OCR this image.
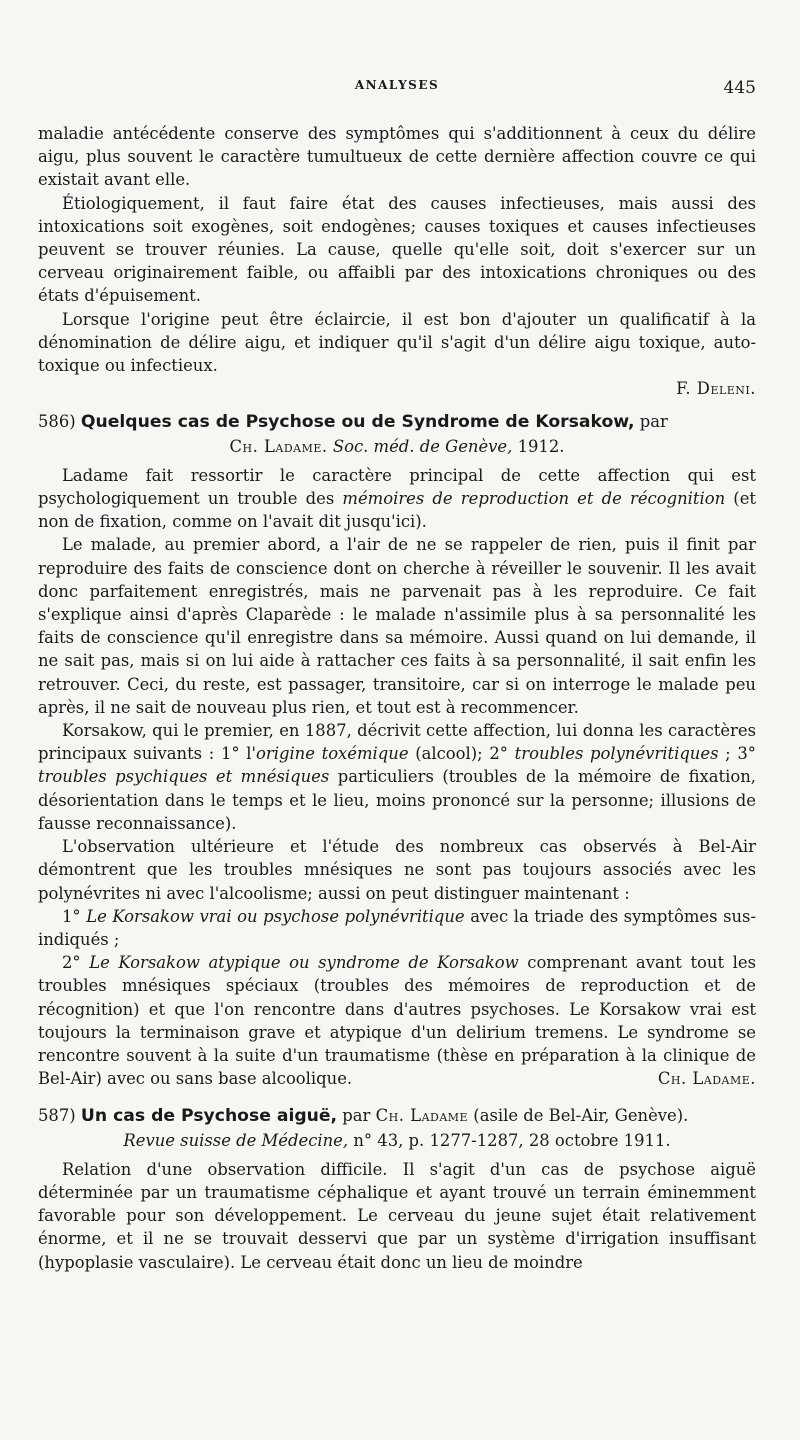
ANALYSES	445

maladie antécédente conserve des symptômes qui s'additionnent à ceux du délire aigu, plus souvent le caractère tumultueux de cette dernière affection couvre ce qui existait avant elle.

Étiologiquement, il faut faire état des causes infectieuses, mais aussi des intoxications soit exogènes, soit endogènes; causes toxiques et causes infectieuses peuvent se trouver réunies. La cause, quelle qu'elle soit, doit s'exercer sur un cerveau originairement faible, ou affaibli par des intoxications chroniques ou des états d'épuisement.

Lorsque l'origine peut être éclaircie, il est bon d'ajouter un qualificatif à la dénomination de délire aigu, et indiquer qu'il s'agit d'un délire aigu toxique, auto-toxique ou infectieux.

F. Deleni.

586) Quelques cas de Psychose ou de Syndrome de Korsakow, par

Ch. Ladame. Soc. méd. de Genève, 1912.

Ladame fait ressortir le caractère principal de cette affection qui est psychologiquement un trouble des mémoires de reproduction et de récognition (et non de fixation, comme on l'avait dit jusqu'ici).

Le malade, au premier abord, a l'air de ne se rappeler de rien, puis il finit par reproduire des faits de conscience dont on cherche à réveiller le souvenir. Il les avait donc parfaitement enregistrés, mais ne parvenait pas à les reproduire. Ce fait s'explique ainsi d'après Claparède : le malade n'assimile plus à sa personnalité les faits de conscience qu'il enregistre dans sa mémoire. Aussi quand on lui demande, il ne sait pas, mais si on lui aide à rattacher ces faits à sa personnalité, il sait enfin les retrouver. Ceci, du reste, est passager, transitoire, car si on interroge le malade peu après, il ne sait de nouveau plus rien, et tout est à recommencer.

Korsakow, qui le premier, en 1887, décrivit cette affection, lui donna les caractères principaux suivants : 1° l'origine toxémique (alcool); 2° troubles polynévritiques ; 3° troubles psychiques et mnésiques particuliers (troubles de la mémoire de fixation, désorientation dans le temps et le lieu, moins prononcé sur la personne; illusions de fausse reconnaissance).

L'observation ultérieure et l'étude des nombreux cas observés à Bel-Air démontrent que les troubles mnésiques ne sont pas toujours associés avec les polynévrites ni avec l'alcoolisme; aussi on peut distinguer maintenant :

1° Le Korsakow vrai ou psychose polynévritique avec la triade des symptômes sus-indiqués ;

2° Le Korsakow atypique ou syndrome de Korsakow comprenant avant tout les troubles mnésiques spéciaux (troubles des mémoires de reproduction et de récognition) et que l'on rencontre dans d'autres psychoses. Le Korsakow vrai est toujours la terminaison grave et atypique d'un delirium tremens. Le syndrome se rencontre souvent à la suite d'un traumatisme (thèse en préparation à la clinique de Bel-Air) avec ou sans base alcoolique.	Ch. Ladame.

587) Un cas de Psychose aiguë, par Ch. Ladame (asile de Bel-Air, Genève).

Revue suisse de Médecine, n° 43, p. 1277-1287, 28 octobre 1911.

Relation d'une observation difficile. Il s'agit d'un cas de psychose aiguë déterminée par un traumatisme céphalique et ayant trouvé un terrain éminemment favorable pour son développement. Le cerveau du jeune sujet était relativement énorme, et il ne se trouvait desservi que par un système d'irrigation insuffisant (hypoplasie vasculaire). Le cerveau était donc un lieu de moindre
